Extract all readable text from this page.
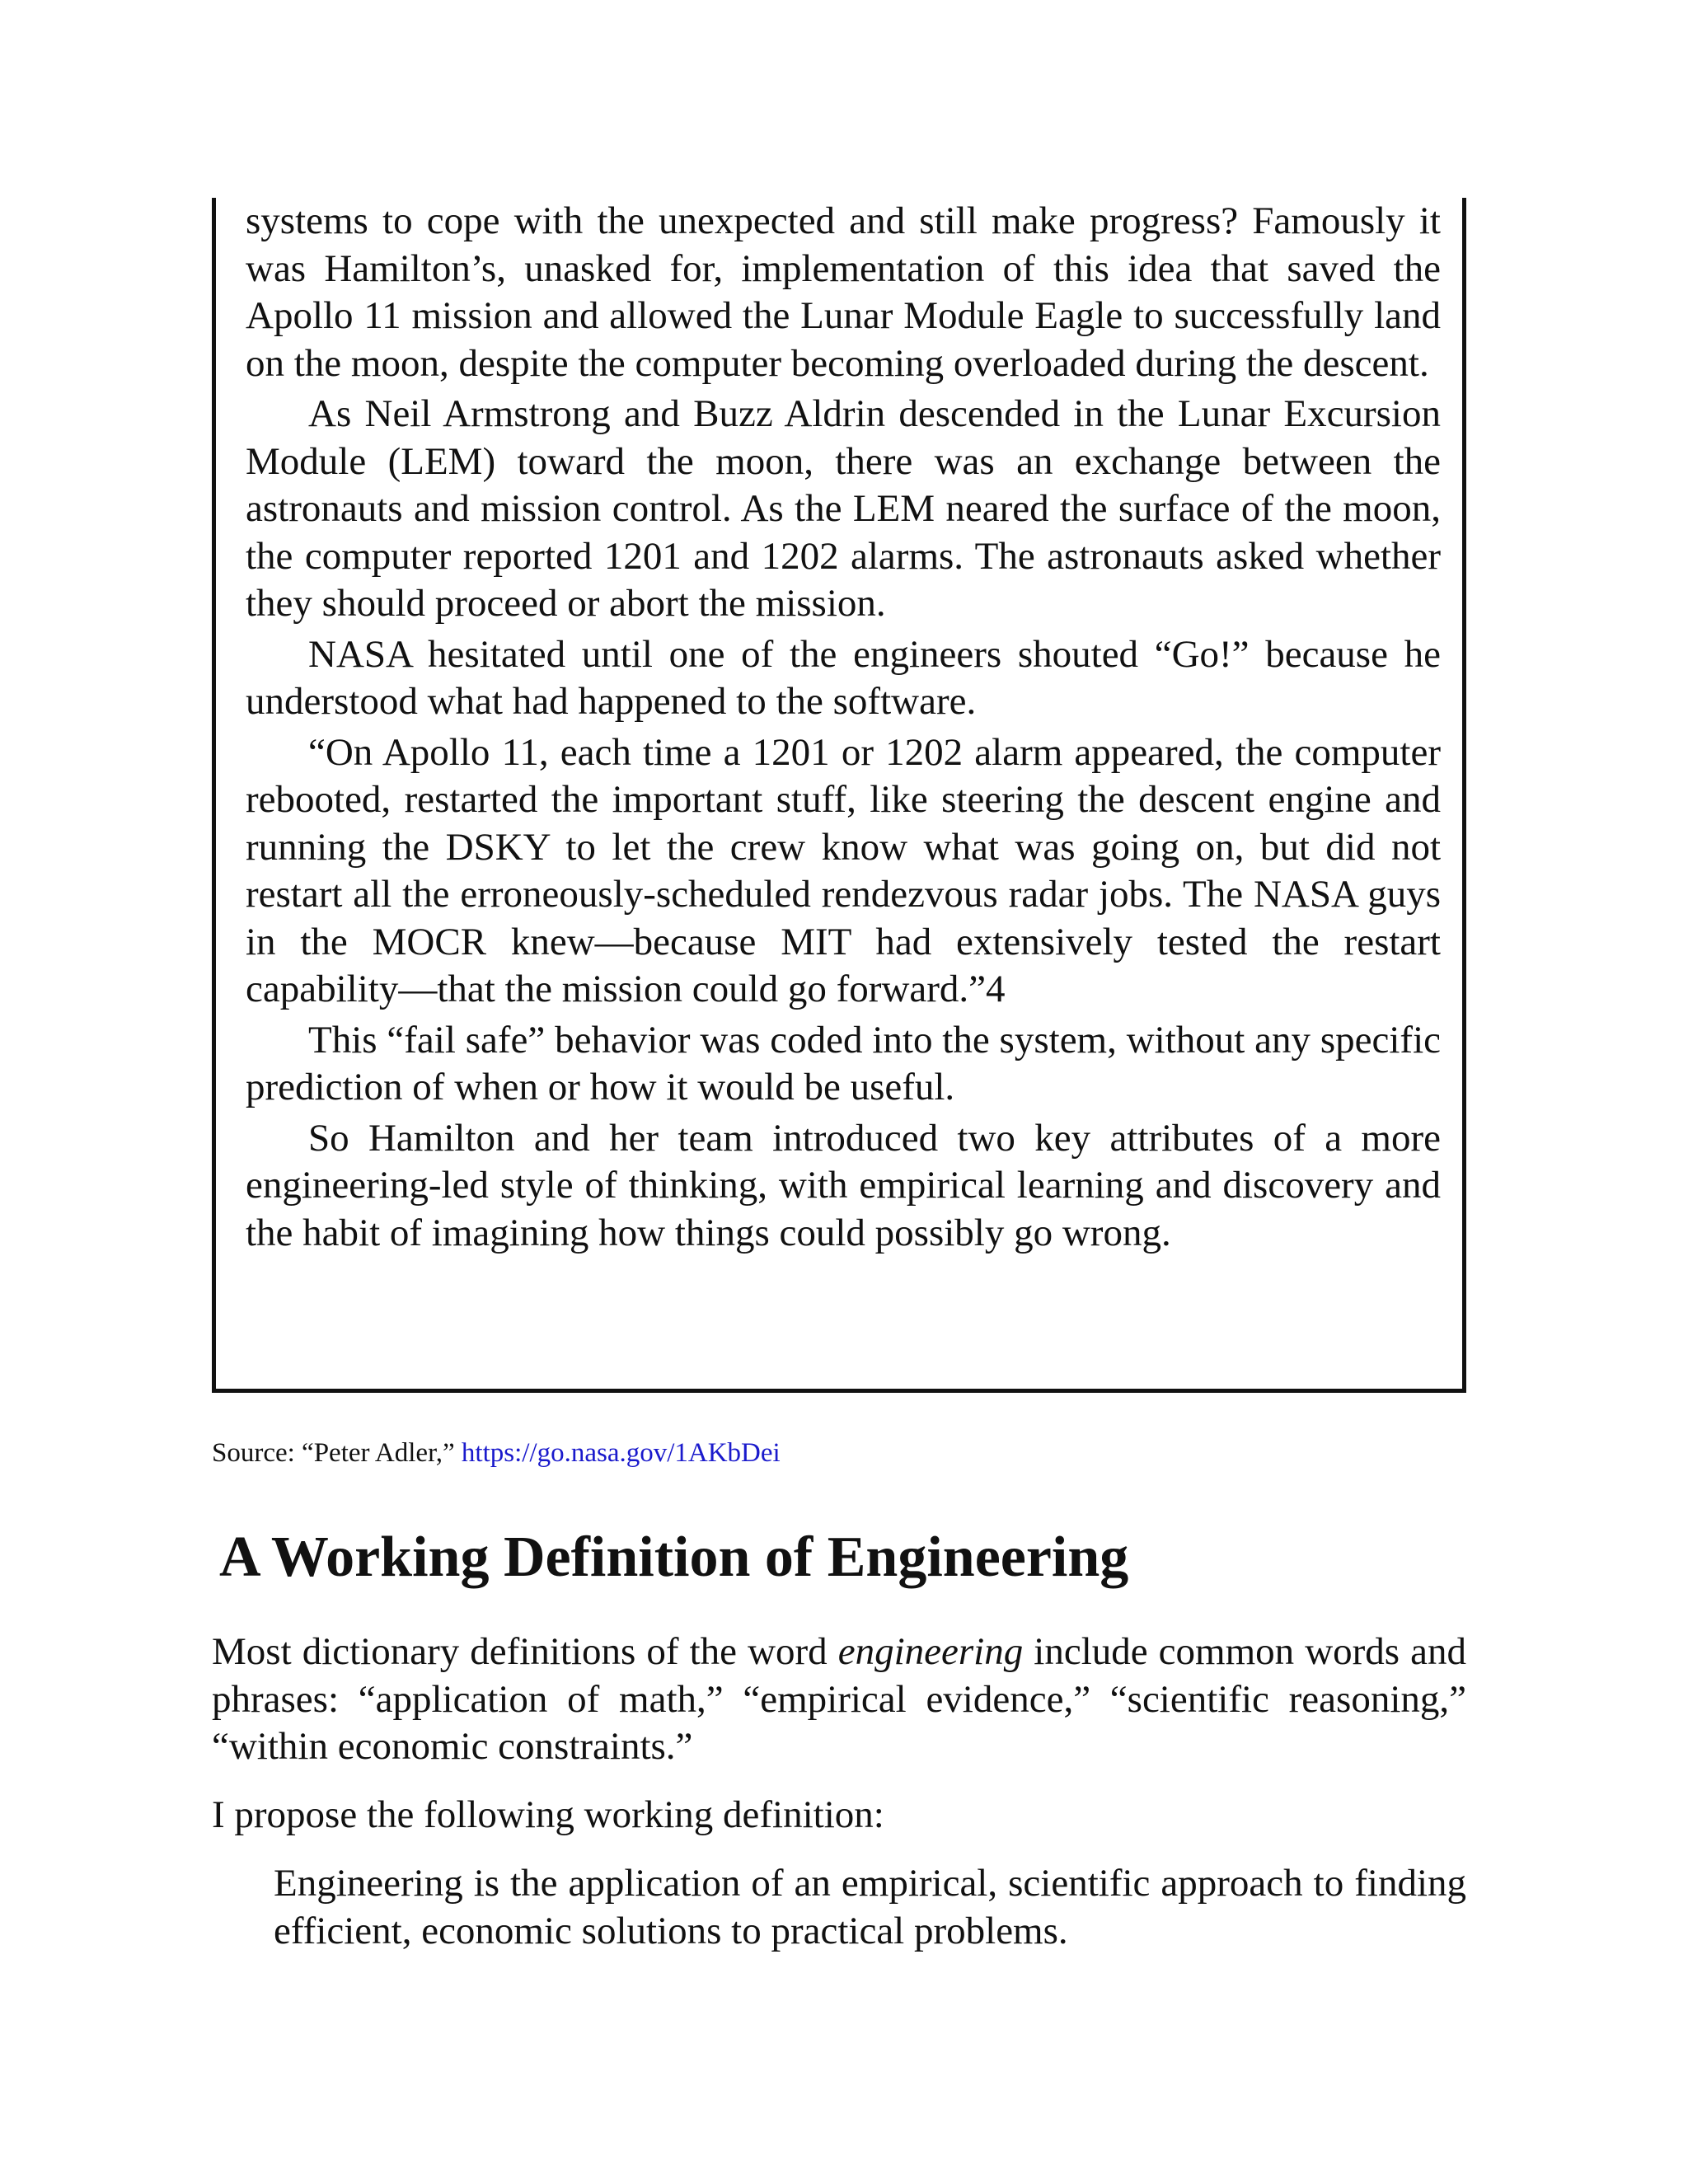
systems to cope with the unexpected and still make progress? Famously it was Hamilton’s, unasked for, implementation of this idea that saved the Apollo 11 mission and allowed the Lunar Module Eagle to successfully land on the moon, despite the computer becoming overloaded during the descent.

As Neil Armstrong and Buzz Aldrin descended in the Lunar Excursion Module (LEM) toward the moon, there was an exchange between the astronauts and mission control. As the LEM neared the surface of the moon, the computer reported 1201 and 1202 alarms. The astronauts asked whether they should proceed or abort the mission.

NASA hesitated until one of the engineers shouted “Go!” because he understood what had happened to the software.

“On Apollo 11, each time a 1201 or 1202 alarm appeared, the computer rebooted, restarted the important stuff, like steering the descent engine and running the DSKY to let the crew know what was going on, but did not restart all the erroneously-scheduled rendezvous radar jobs. The NASA guys in the MOCR knew—because MIT had extensively tested the restart capability—that the mission could go forward.”4

This “fail safe” behavior was coded into the system, without any specific prediction of when or how it would be useful.

So Hamilton and her team introduced two key attributes of a more engineering-led style of thinking, with empirical learning and discovery and the habit of imagining how things could possibly go wrong.

Source: “Peter Adler,” https://go.nasa.gov/1AKbDei
A Working Definition of Engineering

Most dictionary definitions of the word engineering include common words and phrases: “application of math,” “empirical evidence,” “scientific reasoning,” “within economic constraints.”

I propose the following working definition:

Engineering is the application of an empirical, scientific approach to finding efficient, economic solutions to practical problems.
